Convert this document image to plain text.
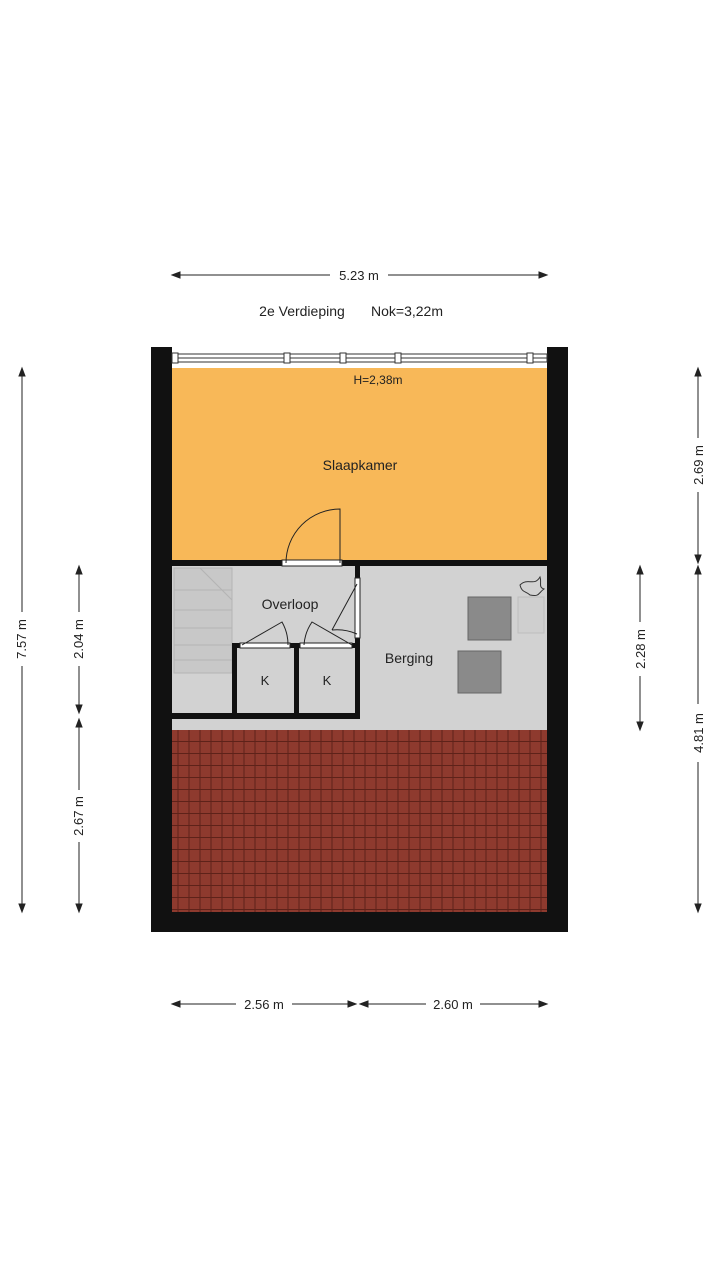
2e Verdieping Nok=3,22m
H=2,38m
Slaapkamer
Overloop
Berging
K	K
5.23 m
2.56 m	2.60 m
7.57 m	2.04 m
2.67 m
2.69 m
2.28 m
4.81 m
